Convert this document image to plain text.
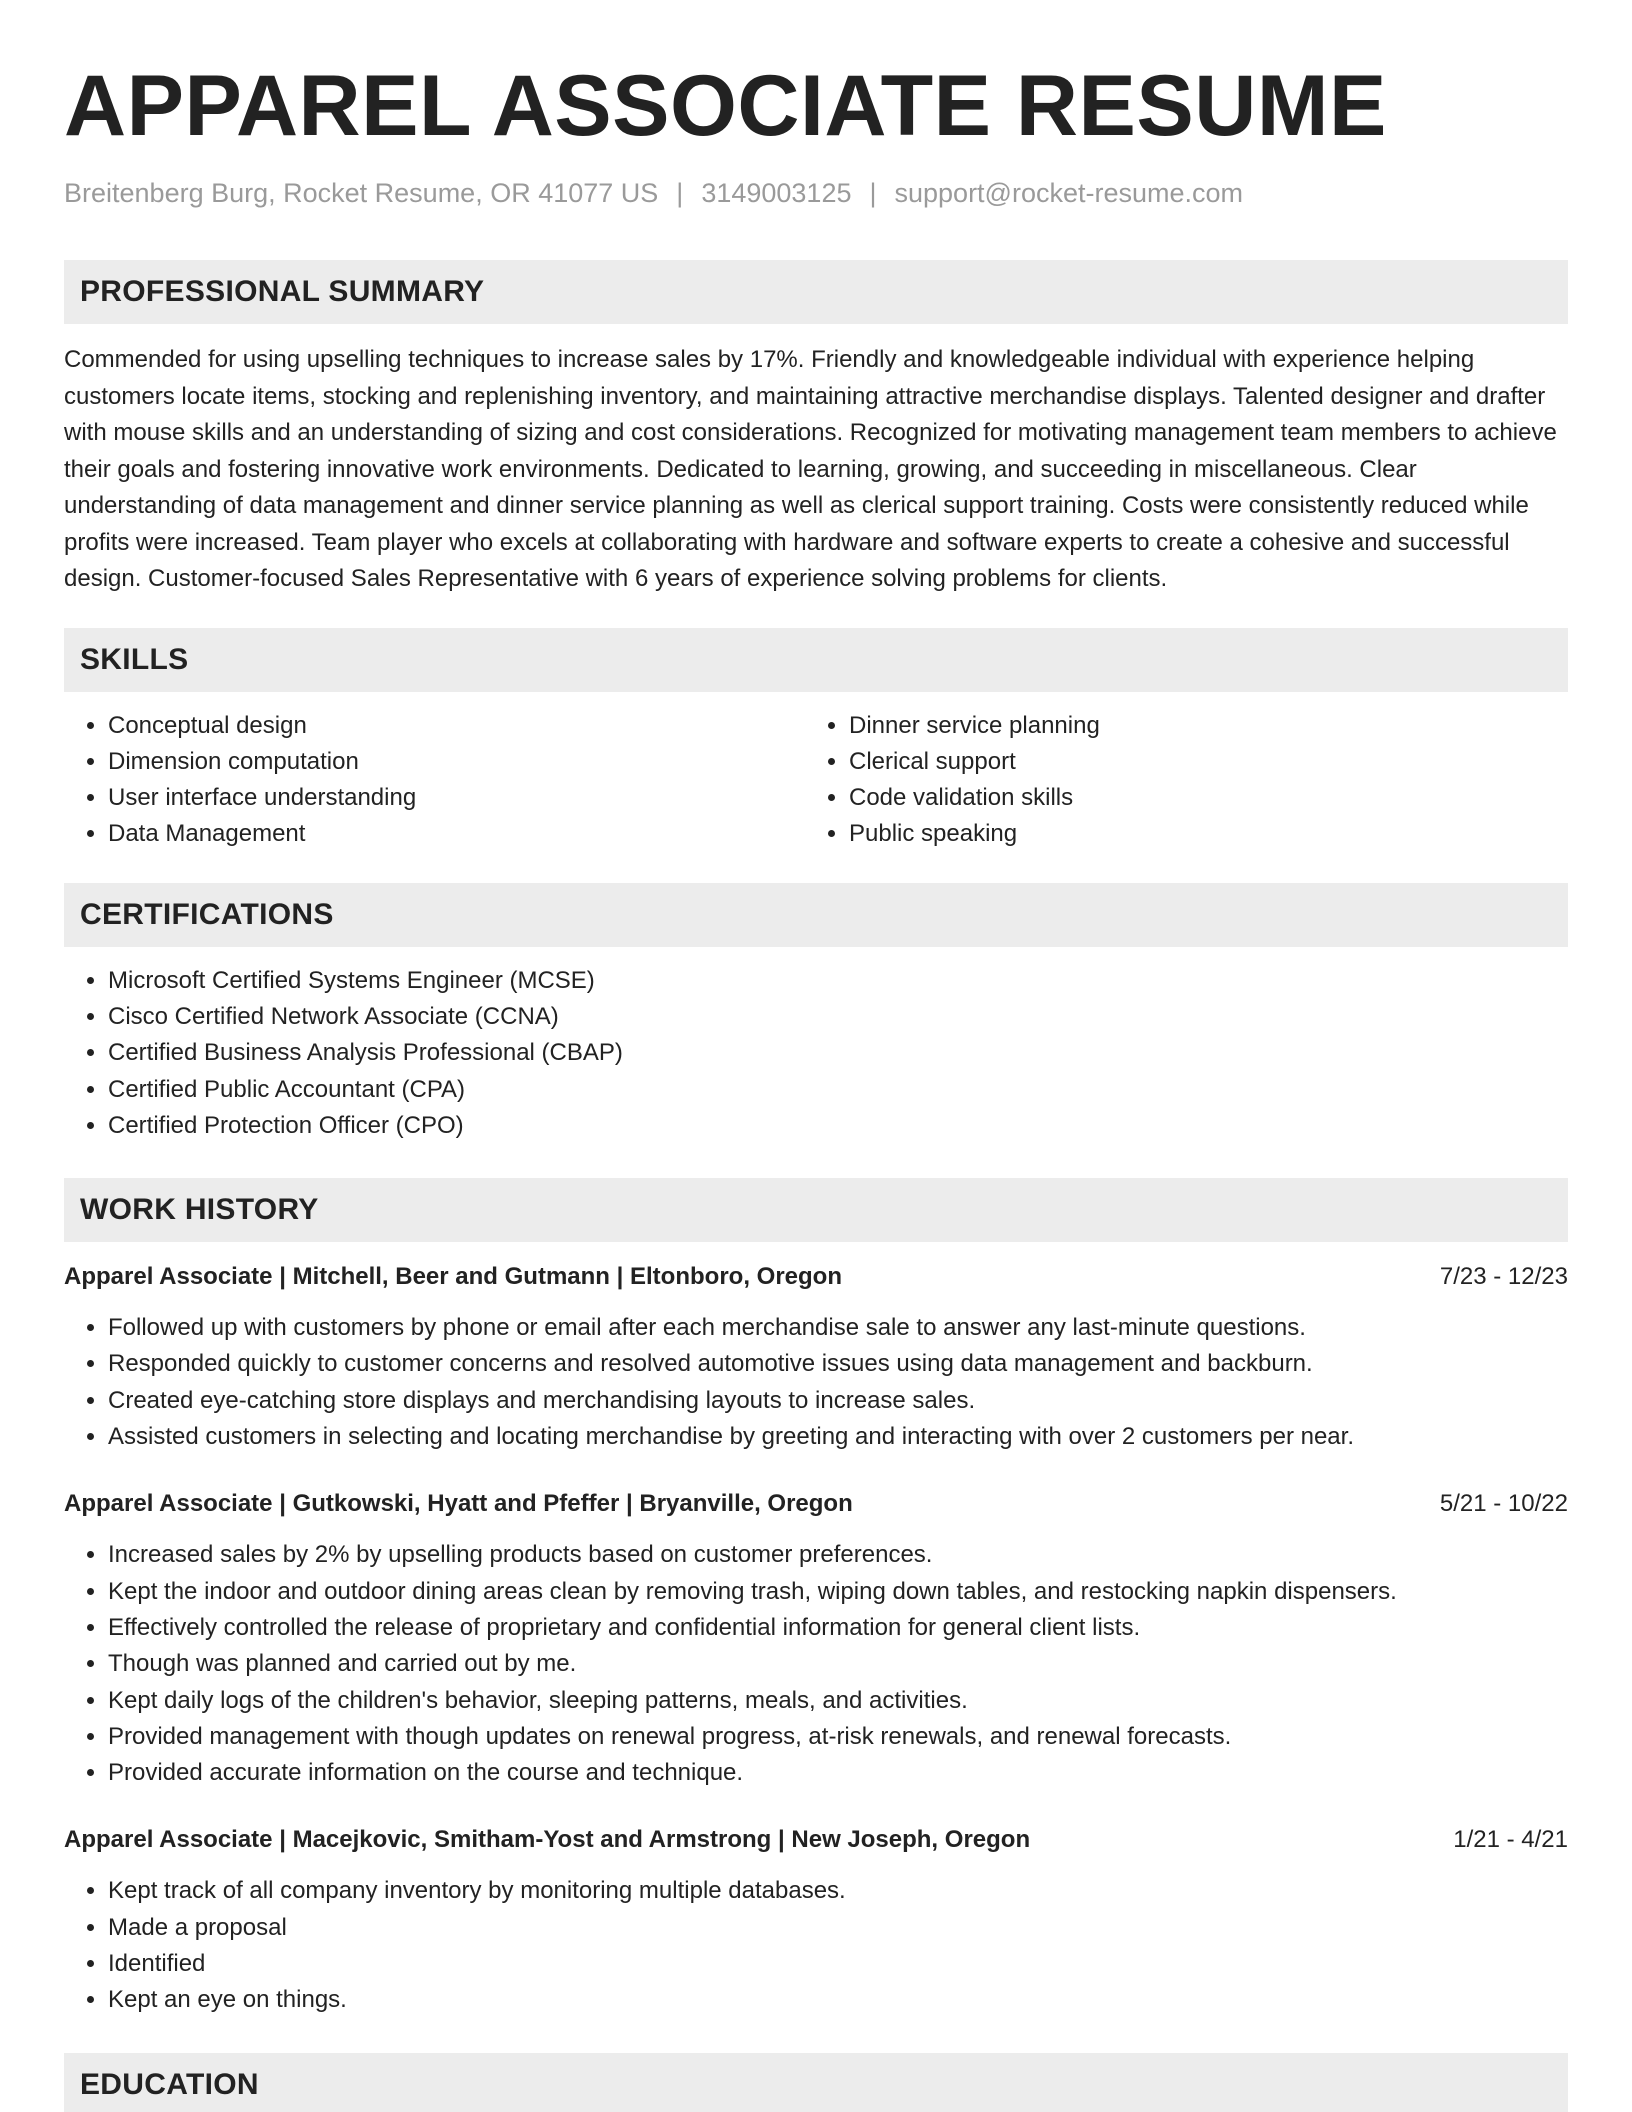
APPAREL ASSOCIATE RESUME
Breitenberg Burg, Rocket Resume, OR 41077 US | 3149003125 | support@rocket-resume.com
PROFESSIONAL SUMMARY

Commended for using upselling techniques to increase sales by 17%. Friendly and knowledgeable individual with experience helping customers locate items, stocking and replenishing inventory, and maintaining attractive merchandise displays. Talented designer and drafter with mouse skills and an understanding of sizing and cost considerations. Recognized for motivating management team members to achieve their goals and fostering innovative work environments. Dedicated to learning, growing, and succeeding in miscellaneous. Clear understanding of data management and dinner service planning as well as clerical support training. Costs were consistently reduced while profits were increased. Team player who excels at collaborating with hardware and software experts to create a cohesive and successful design. Customer-focused Sales Representative with 6 years of experience solving problems for clients.

SKILLS
• Conceptual design
• Dimension computation
• User interface understanding
• Data Management
• Dinner service planning
• Clerical support
• Code validation skills
• Public speaking
CERTIFICATIONS
• Microsoft Certified Systems Engineer (MCSE)
• Cisco Certified Network Associate (CCNA)
• Certified Business Analysis Professional (CBAP)
• Certified Public Accountant (CPA)
• Certified Protection Officer (CPO)
WORK HISTORY
Apparel Associate | Mitchell, Beer and Gutmann | Eltonboro, Oregon	7/23 - 12/23
• Followed up with customers by phone or email after each merchandise sale to answer any last-minute questions.
• Responded quickly to customer concerns and resolved automotive issues using data management and backburn.
• Created eye-catching store displays and merchandising layouts to increase sales.
• Assisted customers in selecting and locating merchandise by greeting and interacting with over 2 customers per near.
Apparel Associate | Gutkowski, Hyatt and Pfeffer | Bryanville, Oregon	5/21 - 10/22
• Increased sales by 2% by upselling products based on customer preferences.
• Kept the indoor and outdoor dining areas clean by removing trash, wiping down tables, and restocking napkin dispensers.
• Effectively controlled the release of proprietary and confidential information for general client lists.
• Though was planned and carried out by me.
• Kept daily logs of the children's behavior, sleeping patterns, meals, and activities.
• Provided management with though updates on renewal progress, at-risk renewals, and renewal forecasts.
• Provided accurate information on the course and technique.
Apparel Associate | Macejkovic, Smitham-Yost and Armstrong | New Joseph, Oregon	1/21 - 4/21
• Kept track of all company inventory by monitoring multiple databases.
• Made a proposal
• Identified
• Kept an eye on things.
EDUCATION
